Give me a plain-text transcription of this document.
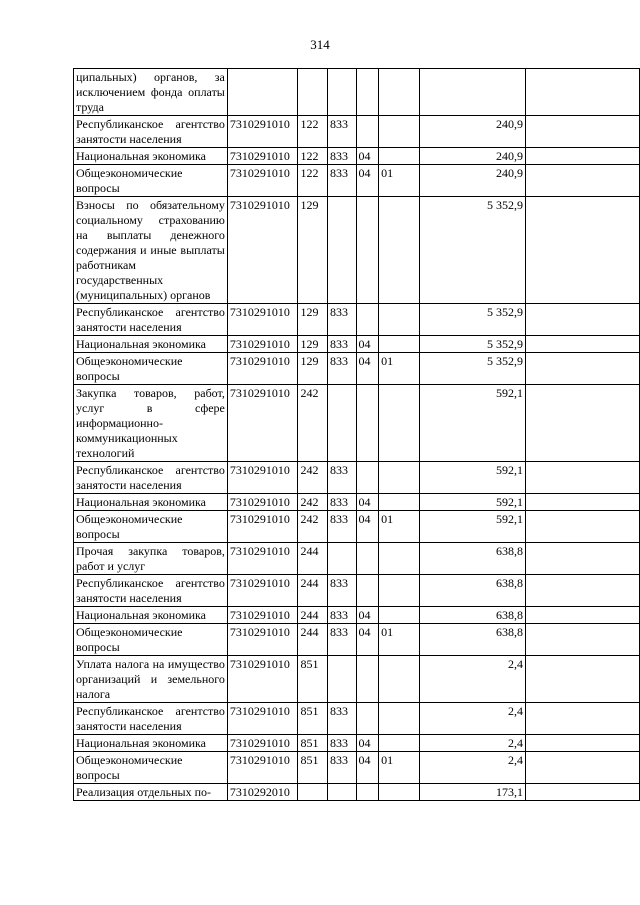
314
ципальных) органов, за исключением фонда оплаты труда							
Республиканское агентство занятости населения	7310291010	122	833			240,9	
Национальная экономика	7310291010	122	833	04		240,9	
Общеэкономические вопросы	7310291010	122	833	04	01	240,9	
Взносы по обязательному социальному страхованию на выплаты денежного содержания и иные выплаты работникам государственных (муниципальных) органов	7310291010	129				5 352,9	
Республиканское агентство занятости населения	7310291010	129	833			5 352,9	
Национальная экономика	7310291010	129	833	04		5 352,9	
Общеэкономические вопросы	7310291010	129	833	04	01	5 352,9	
Закупка товаров, работ, услуг в сфере информационно-коммуникационных технологий	7310291010	242				592,1	
Республиканское агентство занятости населения	7310291010	242	833			592,1	
Национальная экономика	7310291010	242	833	04		592,1	
Общеэкономические вопросы	7310291010	242	833	04	01	592,1	
Прочая закупка товаров, работ и услуг	7310291010	244				638,8	
Республиканское агентство занятости населения	7310291010	244	833			638,8	
Национальная экономика	7310291010	244	833	04		638,8	
Общеэкономические вопросы	7310291010	244	833	04	01	638,8	
Уплата налога на имущество организаций и земельного налога	7310291010	851				2,4	
Республиканское агентство занятости населения	7310291010	851	833			2,4	
Национальная экономика	7310291010	851	833	04		2,4	
Общеэкономические вопросы	7310291010	851	833	04	01	2,4	
Реализация отдельных по-	7310292010					173,1	
